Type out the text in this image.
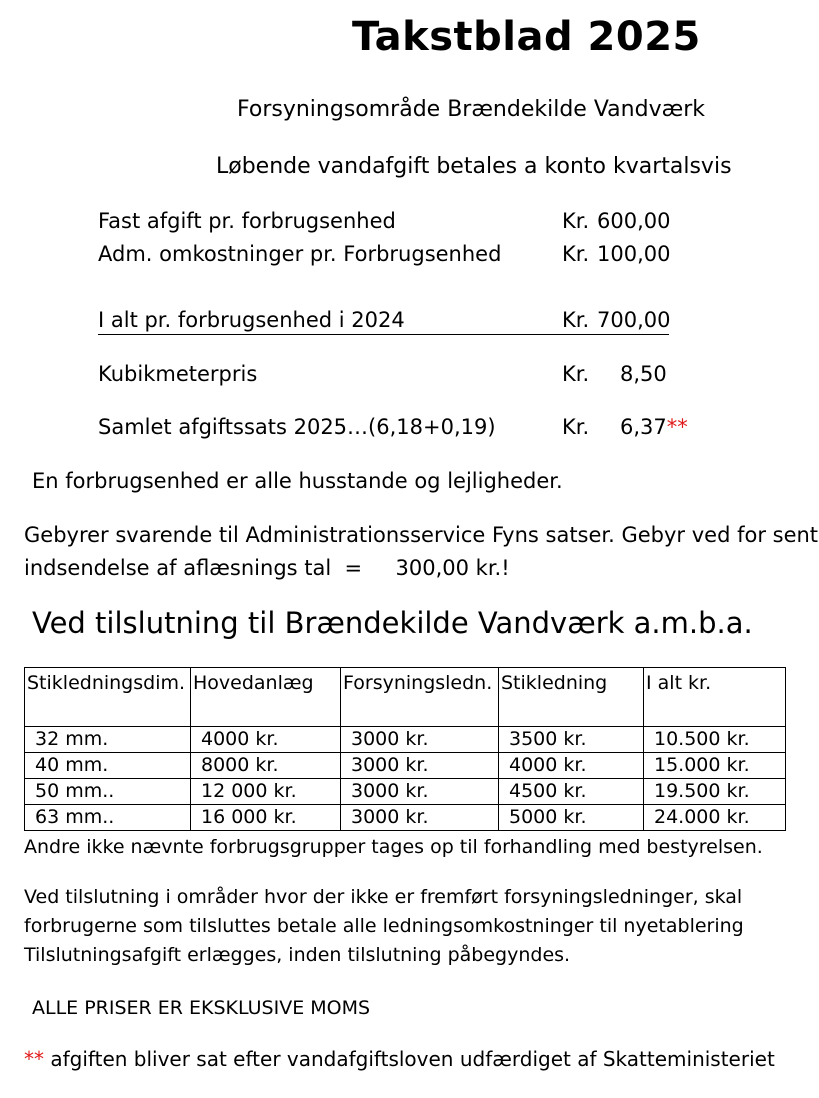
Takstblad 2025
Forsyningsområde Brændekilde Vandværk
Løbende vandafgift betales a konto kvartalsvis
Fast afgift pr. forbrugsenhed	Kr. 600,00
Adm. omkostninger pr. Forbrugsenhed	Kr. 100,00
I alt pr. forbrugsenhed i 2024	Kr. 700,00
Kubikmeterpris	Kr. 8,50
Samlet afgiftssats 2025…(6,18+0,19)	Kr. 6,37**
En forbrugsenhed er alle husstande og lejligheder.
Gebyrer svarende til Administrationsservice Fyns satser. Gebyr ved for sent
indsendelse af aflæsnings tal  =     300,00 kr.!
Ved tilslutning til Brændekilde Vandværk a.m.b.a.
Stikledningsdim.	Hovedanlæg	Forsyningsledn.	Stikledning	I alt kr.
32 mm.	4000 kr.	3000 kr.	3500 kr.	10.500 kr.
40 mm.	8000 kr.	3000 kr.	4000 kr.	15.000 kr.
50 mm..	12 000 kr.	3000 kr.	4500 kr.	19.500 kr.
63 mm..	16 000 kr.	3000 kr.	5000 kr.	24.000 kr.
Andre ikke nævnte forbrugsgrupper tages op til forhandling med bestyrelsen.
Ved tilslutning i områder hvor der ikke er fremført forsyningsledninger, skal
forbrugerne som tilsluttes betale alle ledningsomkostninger til nyetablering
Tilslutningsafgift erlægges, inden tilslutning påbegyndes.
ALLE PRISER ER EKSKLUSIVE MOMS
** afgiften bliver sat efter vandafgiftsloven udfærdiget af Skatteministeriet
